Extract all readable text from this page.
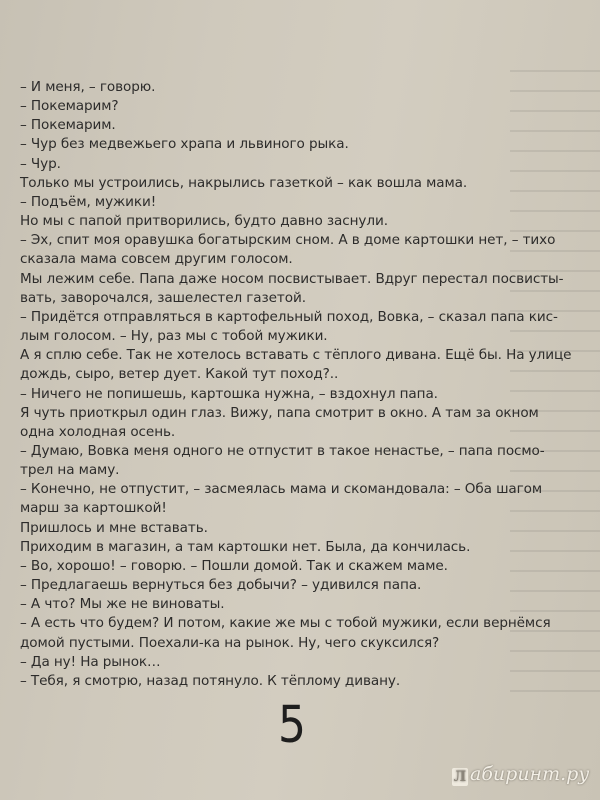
– И меня, – говорю.
– Покемарим?
– Покемарим.
– Чур без медвежьего храпа и львиного рыка.
– Чур.
Только мы устроились, накрылись газеткой – как вошла мама.
– Подъём, мужики!
Но мы с папой притворились, будто давно заснули.
– Эх, спит моя оравушка богатырским сном. А в доме картошки нет, – тихо
сказала мама совсем другим голосом.
Мы лежим себе. Папа даже носом посвистывает. Вдруг перестал посвисты-
вать, заворочался, зашелестел газетой.
– Придётся отправляться в картофельный поход, Вовка, – сказал папа кис-
лым голосом. – Ну, раз мы с тобой мужики.
А я сплю себе. Так не хотелось вставать с тёплого дивана. Ещё бы. На улице
дождь, сыро, ветер дует. Какой тут поход?..
– Ничего не попишешь, картошка нужна, – вздохнул папа.
Я чуть приоткрыл один глаз. Вижу, папа смотрит в окно. А там за окном
одна холодная осень.
– Думаю, Вовка меня одного не отпустит в такое ненастье, – папа посмо-
трел на маму.
– Конечно, не отпустит, – засмеялась мама и скомандовала: – Оба шагом
марш за картошкой!
Пришлось и мне вставать.
Приходим в магазин, а там картошки нет. Была, да кончилась.
– Во, хорошо! – говорю. – Пошли домой. Так и скажем маме.
– Предлагаешь вернуться без добычи? – удивился папа.
– А что? Мы же не виноваты.
– А есть что будем? И потом, какие же мы с тобой мужики, если вернёмся
домой пустыми. Поехали-ка на рынок. Ну, чего скуксился?
– Да ну! На рынок…
– Тебя, я смотрю, назад потянуло. К тёплому дивану.
5
Л абиринт.ру
